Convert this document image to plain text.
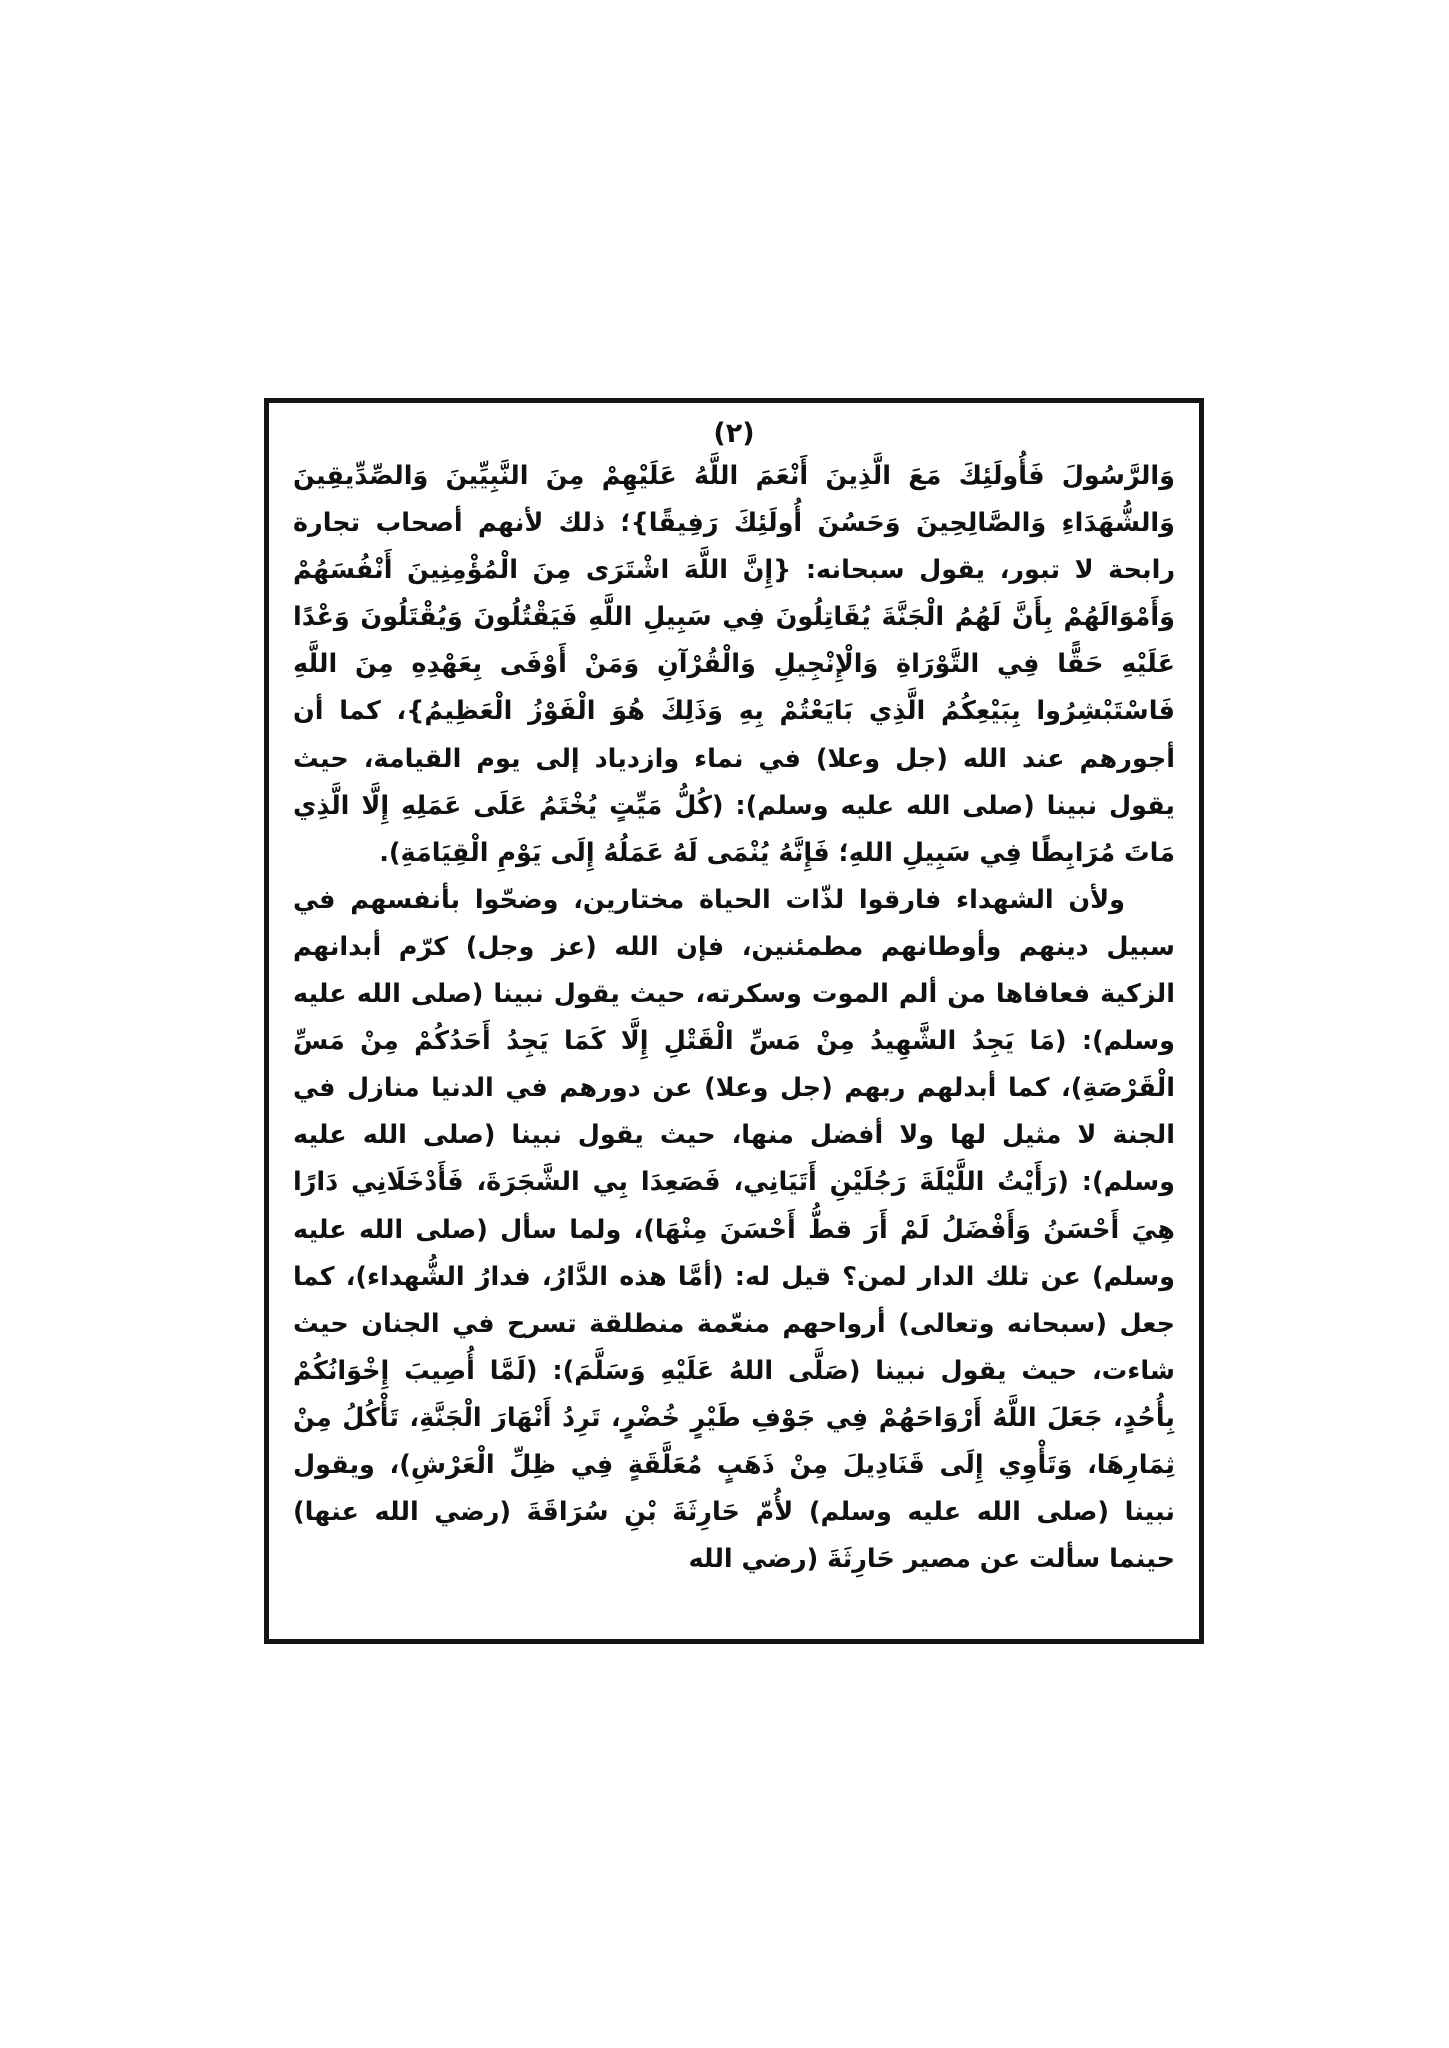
(٢)

وَالرَّسُولَ فَأُولَئِكَ مَعَ الَّذِينَ أَنْعَمَ اللَّهُ عَلَيْهِمْ مِنَ النَّبِيِّينَ وَالصِّدِّيقِينَ وَالشُّهَدَاءِ وَالصَّالِحِينَ وَحَسُنَ أُولَئِكَ رَفِيقًا}؛ ذلك لأنهم أصحاب تجارة رابحة لا تبور، يقول سبحانه: {إِنَّ اللَّهَ اشْتَرَى مِنَ الْمُؤْمِنِينَ أَنْفُسَهُمْ وَأَمْوَالَهُمْ بِأَنَّ لَهُمُ الْجَنَّةَ يُقَاتِلُونَ فِي سَبِيلِ اللَّهِ فَيَقْتُلُونَ وَيُقْتَلُونَ وَعْدًا عَلَيْهِ حَقًّا فِي التَّوْرَاةِ وَالْإِنْجِيلِ وَالْقُرْآنِ وَمَنْ أَوْفَى بِعَهْدِهِ مِنَ اللَّهِ فَاسْتَبْشِرُوا بِبَيْعِكُمُ الَّذِي بَايَعْتُمْ بِهِ وَذَلِكَ هُوَ الْفَوْزُ الْعَظِيمُ}، كما أن أجورهم عند الله (جل وعلا) في نماء وازدياد إلى يوم القيامة، حيث يقول نبينا (صلى الله عليه وسلم): (كُلُّ مَيِّتٍ يُخْتَمُ عَلَى عَمَلِهِ إِلَّا الَّذِي مَاتَ مُرَابِطًا فِي سَبِيلِ اللهِ؛ فَإِنَّهُ يُنْمَى لَهُ عَمَلُهُ إِلَى يَوْمِ الْقِيَامَةِ).

ولأن الشهداء فارقوا لذّات الحياة مختارين، وضحّوا بأنفسهم في سبيل دينهم وأوطانهم مطمئنين، فإن الله (عز وجل) كرّم أبدانهم الزكية فعافاها من ألم الموت وسكرته، حيث يقول نبينا (صلى الله عليه وسلم): (مَا يَجِدُ الشَّهِيدُ مِنْ مَسِّ الْقَتْلِ إِلَّا كَمَا يَجِدُ أَحَدُكُمْ مِنْ مَسِّ الْقَرْصَةِ)، كما أبدلهم ربهم (جل وعلا) عن دورهم في الدنيا منازل في الجنة لا مثيل لها ولا أفضل منها، حيث يقول نبينا (صلى الله عليه وسلم): (رَأَيْتُ اللَّيْلَةَ رَجُلَيْنِ أَتَيَانِي، فَصَعِدَا بِي الشَّجَرَةَ، فَأَدْخَلَانِي دَارًا هِيَ أَحْسَنُ وَأَفْضَلُ لَمْ أَرَ قطُّ أَحْسَنَ مِنْهَا)، ولما سأل (صلى الله عليه وسلم) عن تلك الدار لمن؟ قيل له: (أمَّا هذه الدَّارُ، فدارُ الشُّهداء)، كما جعل (سبحانه وتعالى) أرواحهم منعّمة منطلقة تسرح في الجنان حيث شاءت، حيث يقول نبينا (صَلَّى اللهُ عَلَيْهِ وَسَلَّمَ): (لَمَّا أُصِيبَ إِخْوَانُكُمْ بِأُحُدٍ، جَعَلَ اللَّهُ أَرْوَاحَهُمْ فِي جَوْفِ طَيْرٍ خُضْرٍ، تَرِدُ أَنْهَارَ الْجَنَّةِ، تَأْكُلُ مِنْ ثِمَارِهَا، وَتَأْوِي إِلَى قَنَادِيلَ مِنْ ذَهَبٍ مُعَلَّقَةٍ فِي ظِلِّ الْعَرْشِ)، ويقول نبينا (صلى الله عليه وسلم) لأُمّ حَارِثَةَ بْنِ سُرَاقَةَ (رضي الله عنها) حينما سألت عن مصير حَارِثَةَ (رضي الله
